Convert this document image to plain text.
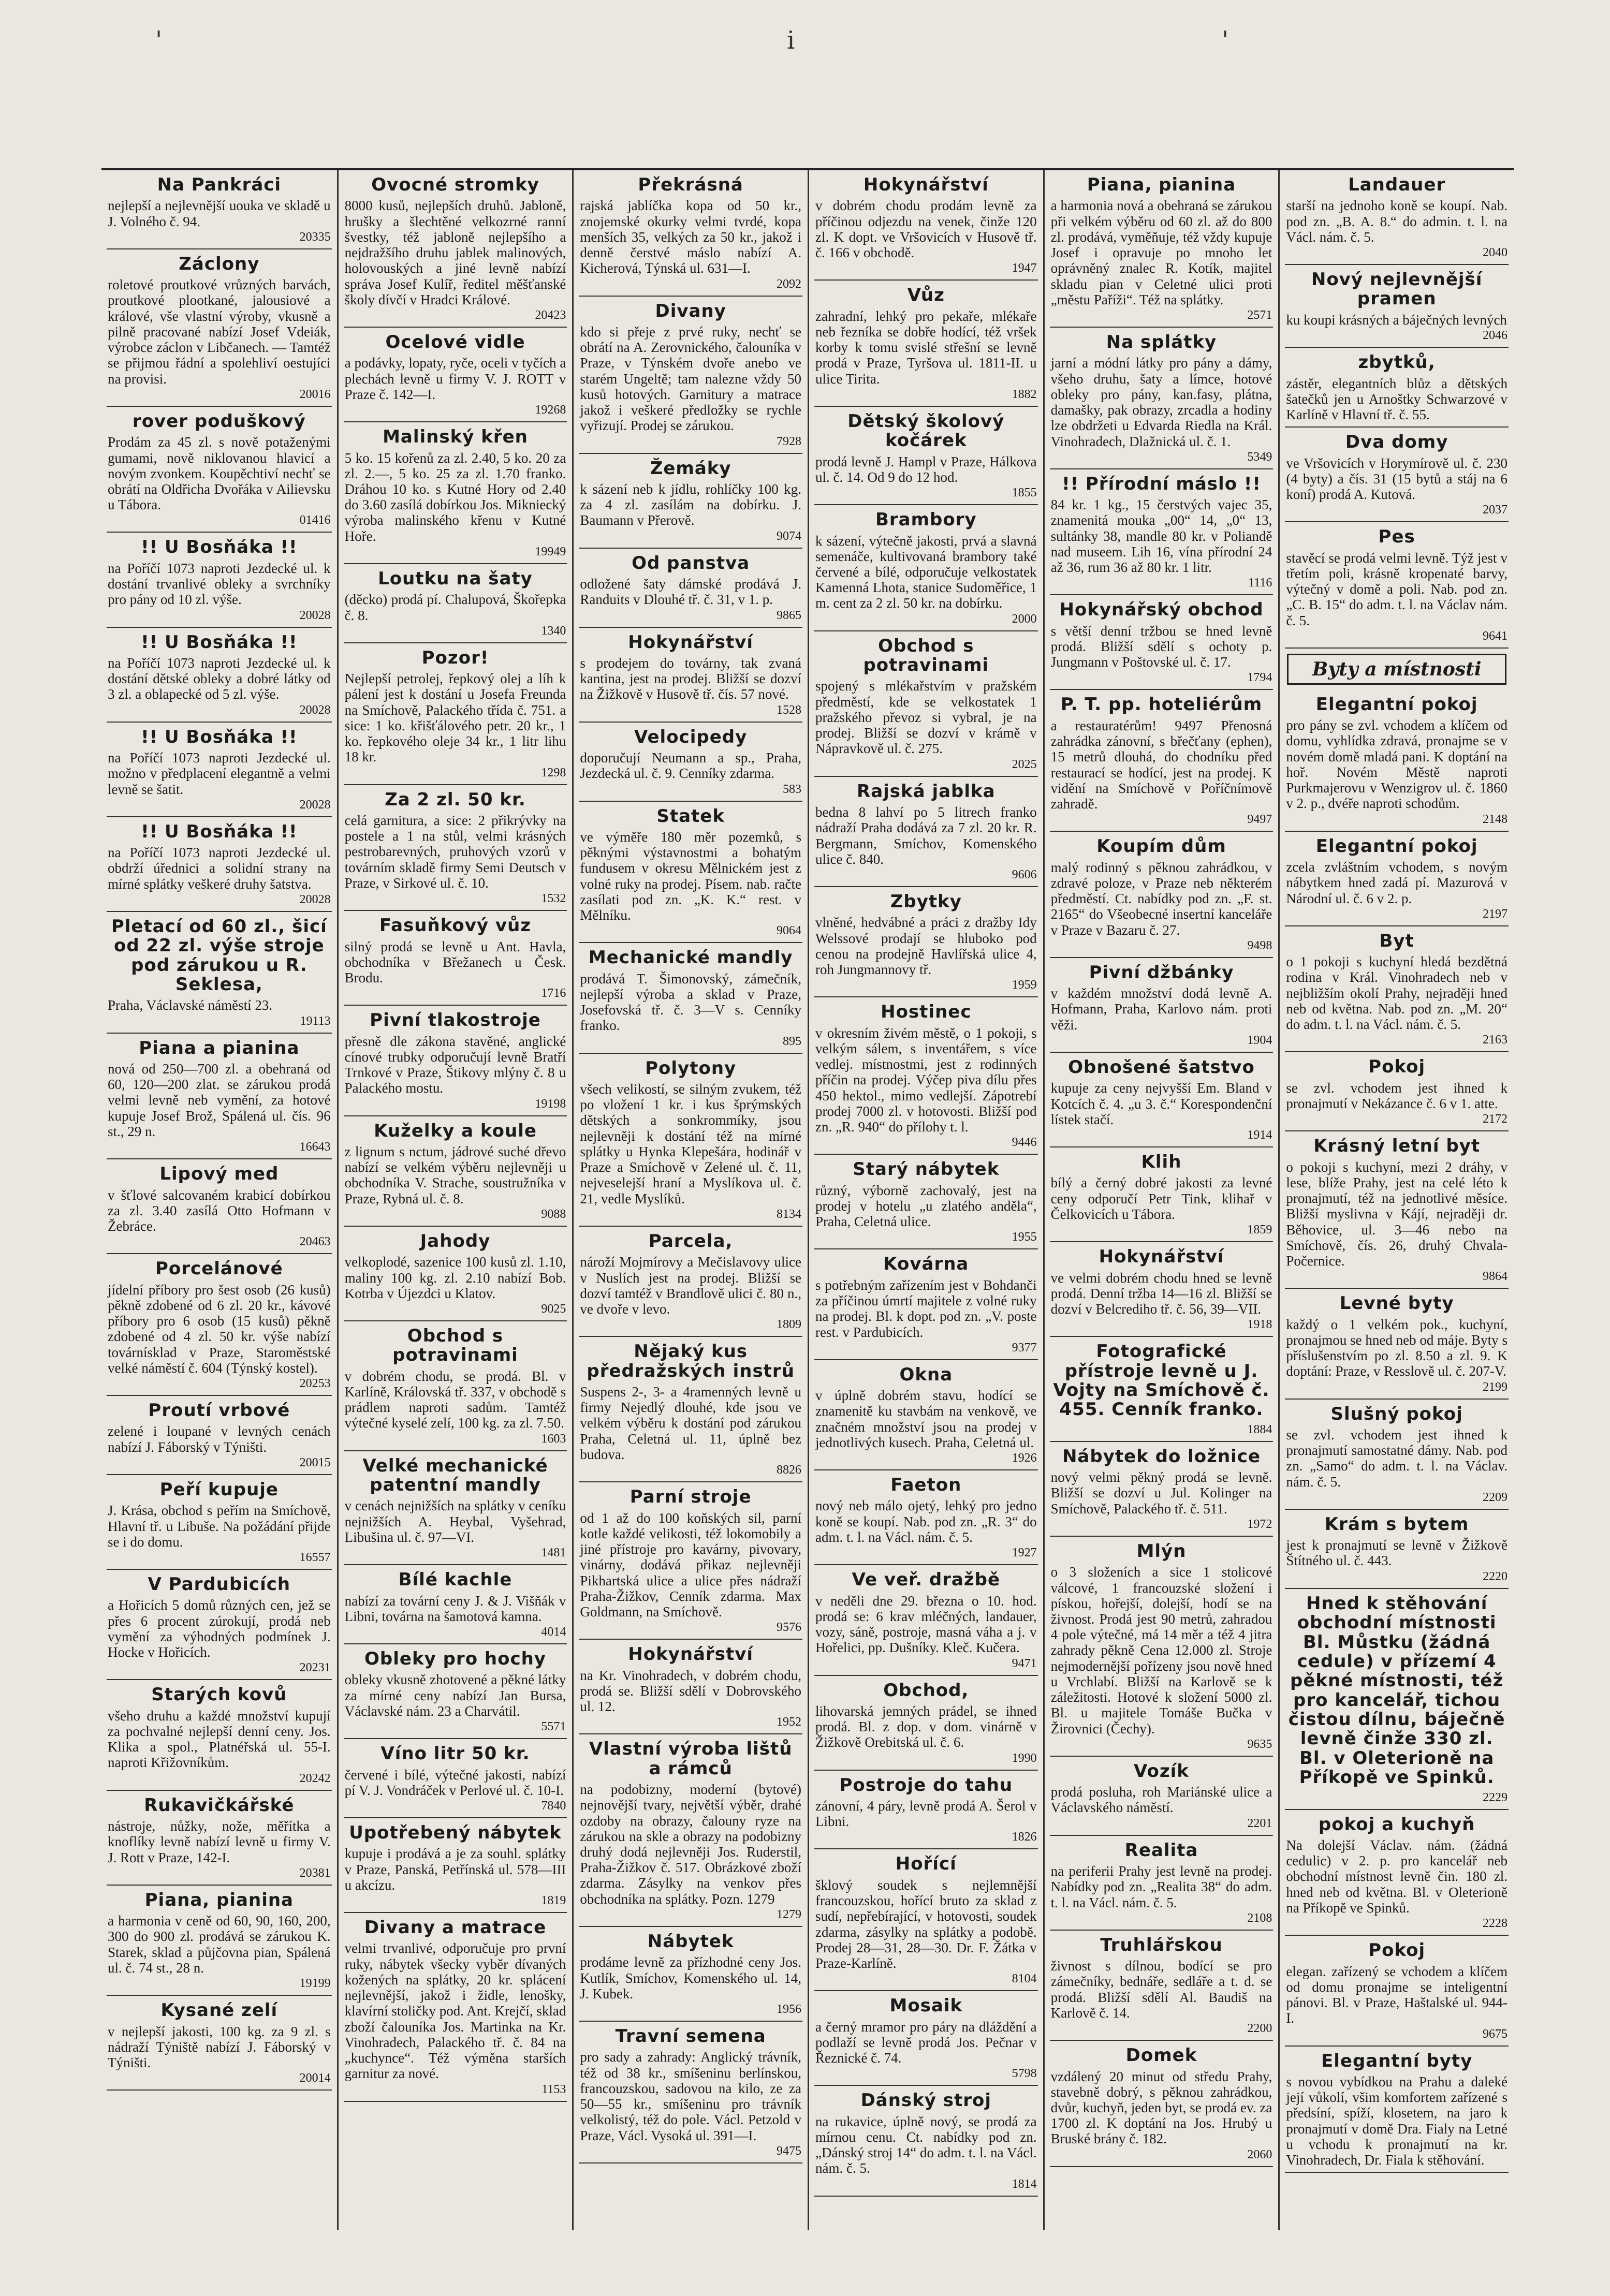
'	i	'
Na Pankráci

nejlepší a nejlevnější uouka ve skladě u J. Volného č. 94.

20335
Záclony

roletové proutkové vrůzných barvách, proutkové plootkané, jalousiové a králové, vše vlastní výroby, vkusně a pilně pracované nabízí Josef Vdeiák, výrobce záclon v Libčanech. — Tamtéž se přijmou řádní a spolehliví oestujíci na provisi.

20016
rover poduškový

Prodám za 45 zl. s nově potaženými gumami, nově niklovanou hlavicí a novým zvonkem. Koupěchtiví nechť se obrátí na Oldřicha Dvořáka v Ailievsku u Tábora.

01416
!! U Bosňáka !!

na Poříčí 1073 naproti Jezdecké ul. k dostání trvanlivé obleky a svrchníky pro pány od 10 zl. výše.

20028
!! U Bosňáka !!

na Poříčí 1073 naproti Jezdecké ul. k dostání dětské obleky a dobré látky od 3 zl. a oblapecké od 5 zl. výše.

20028
!! U Bosňáka !!

na Poříčí 1073 naproti Jezdecké ul. možno v předplacení elegantně a velmi levně se šatit.

20028
!! U Bosňáka !!

na Poříčí 1073 naproti Jezdecké ul. obdrží úřednici a solidní strany na mírné splátky veškeré druhy šatstva.

20028
Pletací od 60 zl., šicí od 22 zl. výše stroje pod zárukou u R. Seklesa,

Praha, Václavské náměstí 23.

19113
Piana a pianina

nová od 250—700 zl. a obehraná od 60, 120—200 zlat. se zárukou prodá velmi levně neb vymění, za hotové kupuje Josef Brož, Spálená ul. čís. 96 st., 29 n.

16643
Lipový med

v šťlové salcovaném krabicí dobírkou za zl. 3.40 zasílá Otto Hofmann v Žebráce.

20463
Porcelánové

jídelní příbory pro šest osob (26 kusů) pěkně zdobené od 6 zl. 20 kr., kávové příbory pro 6 osob (15 kusů) pěkně zdobené od 4 zl. 50 kr. výše nabízí továrnísklad v Praze, Staroměstské velké náměstí č. 604 (Týnský kostel).

20253
Proutí vrbové

zelené i loupané v levných cenách nabízí J. Fáborský v Týništi.

20015
Peří kupuje

J. Krása, obchod s peřím na Smíchově, Hlavní tř. u Libuše. Na požádání přijde se i do domu.

16557
V Pardubicích

a Hořicích 5 domů různých cen, jež se přes 6 procent zúrokují, prodá neb vymění za výhodných podmínek J. Hocke v Hořicích.

20231
Starých kovů

všeho druhu a každé množství kupují za pochvalné nejlepší denní ceny. Jos. Klika a spol., Platnéřská ul. 55-I. naproti Křižovníkům.

20242
Rukavičkářské

nástroje, nůžky, nože, měřítka a knoflíky levně nabízí levně u firmy V. J. Rott v Praze, 142-I.

20381
Piana, pianina

a harmonia v ceně od 60, 90, 160, 200, 300 do 900 zl. prodává se zárukou K. Starek, sklad a půjčovna pian, Spálená ul. č. 74 st., 28 n.

19199
Kysané zelí

v nejlepší jakosti, 100 kg. za 9 zl. s nádraží Týniště nabízí J. Fáborský v Týništi.

20014
Ovocné stromky

8000 kusů, nejlepších druhů. Jabloně, hrušky a šlechtěné velkozrné ranní švestky, též jabloně nejlepšího a nejdražšího druhu jablek malinových, holovouských a jiné levně nabízí správa Josef Kulíř, ředitel měšťanské školy dívčí v Hradci Králové.

20423
Ocelové vidle

a podávky, lopaty, ryče, oceli v tyčích a plechách levně u firmy V. J. ROTT v Praze č. 142—I.

19268
Malinský křen

5 ko. 15 kořenů za zl. 2.40, 5 ko. 20 za zl. 2.—, 5 ko. 25 za zl. 1.70 franko. Dráhou 10 ko. s Kutné Hory od 2.40 do 3.60 zasílá dobírkou Jos. Mikniecký výroba malinského křenu v Kutné Hoře.

19949
Loutku na šaty

(děcko) prodá pí. Chalupová, Škořepka č. 8.

1340
Pozor!

Nejlepší petrolej, řepkový olej a líh k pálení jest k dostání u Josefa Freunda na Smíchově, Palackého třída č. 751. a sice: 1 ko. křišťálového petr. 20 kr., 1 ko. řepkového oleje 34 kr., 1 litr lihu 18 kr.

1298
Za 2 zl. 50 kr.

celá garnitura, a sice: 2 přikrývky na postele a 1 na stůl, velmi krásných pestrobarevných, pruhových vzorů v továrním skladě firmy Semi Deutsch v Praze, v Sirkové ul. č. 10.

1532
Fasuňkový vůz

silný prodá se levně u Ant. Havla, obchodníka v Břežanech u Česk. Brodu.

1716
Pivní tlakostroje

přesně dle zákona stavěné, anglické cínové trubky odporučují levně Bratří Trnkové v Praze, Štikovy mlýny č. 8 u Palackého mostu.

19198
Kuželky a koule

z lignum s nctum, jádrové suché dřevo nabízí se velkém výběru nejlevněji u obchodníka V. Strache, soustružníka v Praze, Rybná ul. č. 8.

9088
Jahody

velkoplodé, sazenice 100 kusů zl. 1.10, maliny 100 kg. zl. 2.10 nabízí Bob. Kotrba v Újezdci u Klatov.

9025
Obchod s potravinami

v dobrém chodu, se prodá. Bl. v Karlíně, Královská tř. 337, v obchodě s prádlem naproti sadům. Tamtéž výtečné kyselé zelí, 100 kg. za zl. 7.50.

1603
Velké mechanické patentní mandly

v cenách nejnižších na splátky v ceníku nejnižších A. Heybal, Vyšehrad, Libušina ul. č. 97—VI.

1481
Bílé kachle

nabízí za tovární ceny J. & J. Višňák v Libni, továrna na šamotová kamna.

4014
Obleky pro hochy

obleky vkusně zhotovené a pěkné látky za mírné ceny nabízí Jan Bursa, Václavské nám. 23 a Charvátil.

5571
Víno litr 50 kr.

červené i bílé, výtečné jakosti, nabízí pí V. J. Vondráček v Perlové ul. č. 10-I.

7840
Upotřebený nábytek

kupuje i prodává a je za souhl. splátky v Praze, Panská, Petřínská ul. 578—III u akcízu.

1819
Divany a matrace

velmi trvanlivé, odporučuje pro první ruky, nábytek všecky vyběr dívaných kožených na splátky, 20 kr. splácení nejlevnější, jakož i židle, lenošky, klavírní stoličky pod. Ant. Krejčí, sklad zboží čalouníka Jos. Martinka na Kr. Vinohradech, Palackého tř. č. 84 na „kuchynce“. Též výměna starších garnitur za nové.

1153
Překrásná

rajská jablíčka kopa od 50 kr., znojemské okurky velmi tvrdé, kopa menších 35, velkých za 50 kr., jakož i denně čerstvé máslo nabízí A. Kicherová, Týnská ul. 631—I.

2092
Divany

kdo si přeje z prvé ruky, nechť se obrátí na A. Zerovnického, čalouníka v Praze, v Týnském dvoře anebo ve starém Ungeltě; tam nalezne vždy 50 kusů hotových. Garnitury a matrace jakož i veškeré předložky se rychle vyřizují. Prodej se zárukou.

7928
Žemáky

k sázení neb k jídlu, rohlíčky 100 kg. za 4 zl. zasílám na dobírku. J. Baumann v Přerově.

9074
Od panstva

odložené šaty dámské prodává J. Randuits v Dlouhé tř. č. 31, v 1. p.

9865
Hokynářství

s prodejem do továrny, tak zvaná kantina, jest na prodej. Bližší se dozví na Žižkově v Husově tř. čís. 57 nové.

1528
Velocipedy

doporučují Neumann a sp., Praha, Jezdecká ul. č. 9. Cenníky zdarma.

583
Statek

ve výměře 180 měr pozemků, s pěknými výstavnostmi a bohatým fundusem v okresu Mělnickém jest z volné ruky na prodej. Písem. nab. račte zasílati pod zn. „K. K.“ rest. v Mělníku.

9064
Mechanické mandly

prodává T. Šimonovský, zámečník, nejlepší výroba a sklad v Praze, Josefovská tř. č. 3—V s. Cenníky franko.

895
Polytony

všech velikostí, se silným zvukem, též po vložení 1 kr. i kus šprýmských dětských a sonkrommíky, jsou nejlevněji k dostání též na mírné splátky u Hynka Klepešára, hodinář v Praze a Smíchově v Zelené ul. č. 11, nejveselejší hraní a Myslíkova ul. č. 21, vedle Myslíků.

8134
Parcela,

nároží Mojmírovy a Mečislavovy ulice v Nuslích jest na prodej. Bližší se dozví tamtéž v Brandlově ulici č. 80 n., ve dvoře v levo.

1809
Nějaký kus předražských instrů

Suspens 2-, 3- a 4ramenných levně u firmy Nejedlý dlouhé, kde jsou ve velkém výběru k dostání pod zárukou Praha, Celetná ul. 11, úplně bez budova.

8826
Parní stroje

od 1 až do 100 koňských sil, parní kotle každé velikosti, též lokomobily a jiné přístroje pro kavárny, pivovary, vinárny, dodává přikaz nejlevněji Pikhartská ulice a ulice přes nádraží Praha-Žižkov, Cenník zdarma. Max Goldmann, na Smíchově.

9576
Hokynářství

na Kr. Vinohradech, v dobrém chodu, prodá se. Bližší sdělí v Dobrovského ul. 12.

1952
Vlastní výroba lištů a rámců

na podobizny, moderní (bytové) nejnovější tvary, největší výběr, drahé ozdoby na obrazy, čalouny ryze na zárukou na skle a obrazy na podobizny druhý dodá nejlevněji Jos. Ruderstil, Praha-Žižkov č. 517. Obrázkové zboží zdarma. Zásylky na venkov přes obchodníka na splátky. Pozn. 1279

1279
Nábytek

prodáme levně za přízhodné ceny Jos. Kutlík, Smíchov, Komenského ul. 14, J. Kubek.

1956
Travní semena

pro sady a zahrady: Anglický trávník, též od 38 kr., smíšeninu berlínskou, francouzskou, sadovou na kilo, ze za 50—55 kr., smíšeninu pro trávník velkolistý, též do pole. Václ. Petzold v Praze, Václ. Vysoká ul. 391—I.

9475
Hokynářství

v dobrém chodu prodám levně za příčinou odjezdu na venek, činže 120 zl. K dopt. ve Vršovicích v Husově tř. č. 166 v obchodě.

1947
Vůz

zahradní, lehký pro pekaře, mlékaře neb řezníka se dobře hodící, též vršek korby k tomu svislé střešní se levně prodá v Praze, Tyršova ul. 1811-II. u ulice Tirita.

1882
Dětský školový kočárek

prodá levně J. Hampl v Praze, Hálkova ul. č. 14. Od 9 do 12 hod.

1855
Brambory

k sázení, výtečně jakosti, prvá a slavná semenáče, kultivovaná brambory také červené a bílé, odporučuje velkostatek Kamenná Lhota, stanice Sudoměřice, 1 m. cent za 2 zl. 50 kr. na dobírku.

2000
Obchod s potravinami

spojený s mlékařstvím v pražském předměstí, kde se velkostatek 1 pražského převoz si vybral, je na prodej. Bližší se dozví v krámě v Nápravkově ul. č. 275.

2025
Rajská jablka

bedna 8 lahví po 5 litrech franko nádraží Praha dodává za 7 zl. 20 kr. R. Bergmann, Smíchov, Komenského ulice č. 840.

9606
Zbytky

vlněné, hedvábné a práci z dražby Idy Welssové prodají se hluboko pod cenou na prodejně Havlířská ulice 4, roh Jungmannovy tř.

1959
Hostinec

v okresním živém městě, o 1 pokoji, s velkým sálem, s inventářem, s více vedlej. místnostmi, jest z rodinných příčin na prodej. Výčep piva dílu přes 450 hektol., mimo vedlejší. Zápotrebí prodej 7000 zl. v hotovosti. Bližší pod zn. „R. 940“ do přílohy t. l.

9446
Starý nábytek

různý, výborně zachovalý, jest na prodej v hotelu „u zlatého anděla“, Praha, Celetná ulice.

1955
Kovárna

s potřebným zařízením jest v Bohdanči za příčinou úmrtí majitele z volné ruky na prodej. Bl. k dopt. pod zn. „V. poste rest. v Pardubicích.

9377
Okna

v úplně dobrém stavu, hodící se znamenitě ku stavbám na venkově, ve značném množství jsou na prodej v jednotlivých kusech. Praha, Celetná ul.

1926
Faeton

nový neb málo ojetý, lehký pro jedno koně se koupí. Nab. pod zn. „R. 3“ do adm. t. l. na Václ. nám. č. 5.

1927
Ve veř. dražbě

v neděli dne 29. března o 10. hod. prodá se: 6 krav mléčných, landauer, vozy, sáně, postroje, masná váha a j. v Hořelici, pp. Dušníky. Kleč. Kučera.

9471
Obchod,

lihovarská jemných prádel, se ihned prodá. Bl. z dop. v dom. vinárně v Žižkově Orebitská ul. č. 6.

1990
Postroje do tahu

zánovní, 4 páry, levně prodá A. Šerol v Libni.

1826
Hořící

šklový soudek s nejlemnější francouzskou, hořící bruto za sklad z sudí, nepřebírající, v hotovosti, soudek zdarma, zásylky na splátky a podobě. Prodej 28—31, 28—30. Dr. F. Žátka v Praze-Karlíně.

8104
Mosaik

a černý mramor pro páry na dláždění a podlaží se levně prodá Jos. Pečnar v Řeznické č. 74.

5798
Dánský stroj

na rukavice, úplně nový, se prodá za mírnou cenu. Ct. nabídky pod zn. „Dánský stroj 14“ do adm. t. l. na Václ. nám. č. 5.

1814
Piana, pianina

a harmonia nová a obehraná se zárukou při velkém výběru od 60 zl. až do 800 zl. prodává, vyměňuje, též vždy kupuje Josef i opravuje po mnoho let oprávněný znalec R. Kotík, majitel skladu pian v Celetné ulici proti „městu Paříži“. Též na splátky.

2571
Na splátky

jarní a módní látky pro pány a dámy, všeho druhu, šaty a límce, hotové obleky pro pány, kan.fasy, plátna, damašky, pak obrazy, zrcadla a hodiny lze obdržeti u Edvarda Riedla na Král. Vinohradech, Dlažnická ul. č. 1.

5349
!! Přírodní máslo !!

84 kr. 1 kg., 15 čerstvých vajec 35, znamenitá mouka „00“ 14, „0“ 13, sultánky 38, mandle 80 kr. v Poliandě nad museem. Lih 16, vína přírodní 24 až 36, rum 36 až 80 kr. 1 litr.

1116
Hokynářský obchod

s větší denní tržbou se hned levně prodá. Bližší sdělí s ochoty p. Jungmann v Poštovské ul. č. 17.

1794
P. T. pp. hoteliérům

a restauratérům! 9497 Přenosná zahrádka zánovní, s břečťany (ephen), 15 metrů dlouhá, do chodníku před restaurací se hodící, jest na prodej. K vidění na Smíchově v Poříčnímově zahradě.

9497
Koupím dům

malý rodinný s pěknou zahrádkou, v zdravé poloze, v Praze neb některém předměstí. Ct. nabídky pod zn. „F. st. 2165“ do Všeobecné insertní kanceláře v Praze v Bazaru č. 27.

9498
Pivní džbánky

v každém množství dodá levně A. Hofmann, Praha, Karlovo nám. proti věži.

1904
Obnošené šatstvo

kupuje za ceny nejvyšší Em. Bland v Kotcích č. 4. „u 3. č.“ Korespondenční lístek stačí.

1914
Klih

bílý a černý dobré jakosti za levné ceny odporučí Petr Tink, klihař v Čelkovicích u Tábora.

1859
Hokynářství

ve velmi dobrém chodu hned se levně prodá. Denní tržba 14—16 zl. Bližší se dozví v Belcrediho tř. č. 56, 39—VII.

1918
Fotografické přístroje levně u J. Vojty na Smíchově č. 455. Cenník franko.
1884
Nábytek do ložnice

nový velmi pěkný prodá se levně. Bližší se dozví u Jul. Kolinger na Smíchově, Palackého tř. č. 511.

1972
Mlýn

o 3 složeních a sice 1 stolicové válcové, 1 francouzské složení i pískou, hořejší, dolejší, hodí se na živnost. Prodá jest 90 metrů, zahradou 4 pole výtečné, má 14 měr a též 4 jitra zahrady pěkně Cena 12.000 zl. Stroje nejmodernější pořízeny jsou nově hned u Vrchlabí. Bližší na Karlově se k záležitosti. Hotové k složení 5000 zl. Bl. u majitele Tomáše Bučka v Žirovnici (Čechy).

9635
Vozík

prodá posluha, roh Mariánské ulice a Václavského náměstí.

2201
Realita

na periferii Prahy jest levně na prodej. Nabídky pod zn. „Realita 38“ do adm. t. l. na Václ. nám. č. 5.

2108
Truhlářskou

živnost s dílnou, bodící se pro zámečníky, bednáře, sedláře a t. d. se prodá. Bližší sdělí Al. Baudiš na Karlově č. 14.

2200
Domek

vzdálený 20 minut od středu Prahy, stavebně dobrý, s pěknou zahrádkou, dvůr, kuchyň, jeden byt, se prodá ev. za 1700 zl. K doptání na Jos. Hrubý u Bruské brány č. 182.

2060
Landauer

starší na jednoho koně se koupí. Nab. pod zn. „B. A. 8.“ do admin. t. l. na Václ. nám. č. 5.

2040
Nový nejlevnější pramen

ku koupi krásných a báječných levných

2046
zbytků,

zástěr, elegantních blůz a dětských šatečků jen u Arnoštky Schwarzové v Karlíně v Hlavní tř. č. 55.

Dva domy

ve Vršovicích v Horymírově ul. č. 230 (4 byty) a čís. 31 (15 bytů a stáj na 6 koní) prodá A. Kutová.

2037
Pes

stavěcí se prodá velmi levně. Týž jest v třetím poli, krásně kropenaté barvy, výtečný v domě a poli. Nab. pod zn. „C. B. 15“ do adm. t. l. na Václav nám. č. 5.

9641
Byty a místnosti
Elegantní pokoj

pro pány se zvl. vchodem a klíčem od domu, vyhlídka zdravá, pronajme se v novém domě mladá pani. K doptání na hoř. Novém Městě naproti Purkmajerovu v Wenzigrov ul. č. 1860 v 2. p., dvéře naproti schodům.

2148
Elegantní pokoj

zcela zvláštním vchodem, s novým nábytkem hned zadá pí. Mazurová v Národní ul. č. 6 v 2. p.

2197
Byt

o 1 pokoji s kuchyní hledá bezdětná rodina v Král. Vinohradech neb v nejbližším okolí Prahy, nejraději hned neb od května. Nab. pod zn. „M. 20“ do adm. t. l. na Václ. nám. č. 5.

2163
Pokoj

se zvl. vchodem jest ihned k pronajmutí v Nekázance č. 6 v 1. atte.

2172
Krásný letní byt

o pokoji s kuchyní, mezi 2 dráhy, v lese, blíže Prahy, jest na celé léto k pronajmutí, též na jednotlivé měsíce. Bližší myslivna v Kájí, nejraději dr. Běhovice, ul. 3—46 nebo na Smíchově, čís. 26, druhý Chvala-Počernice.

9864
Levné byty

každý o 1 velkém pok., kuchyní, pronajmou se hned neb od máje. Byty s příslušenstvím po zl. 8.50 a zl. 9. K doptání: Praze, v Resslově ul. č. 207-V.

2199
Slušný pokoj

se zvl. vchodem jest ihned k pronajmutí samostatné dámy. Nab. pod zn. „Samo“ do adm. t. l. na Václav. nám. č. 5.

2209
Krám s bytem

jest k pronajmutí se levně v Žižkově Štítného ul. č. 443.

2220
Hned k stěhování obchodní místnosti Bl. Můstku (žádná cedule) v přízemí 4 pěkné místnosti, též pro kancelář, tichou čistou dílnu, báječně levně činže 330 zl. Bl. v Oleterioně na Příkopě ve Spinků.
2229
pokoj a kuchyň

Na dolejší Václav. nám. (žádná cedulic) v 2. p. pro kancelář neb obchodní místnost levně čin. 180 zl. hned neb od května. Bl. v Oleterioně na Příkopě ve Spinků.

2228
Pokoj

elegan. zařízený se vchodem a klíčem od domu pronajme se inteligentní pánovi. Bl. v Praze, Haštalské ul. 944-I.

9675
Elegantní byty

s novou vybídkou na Prahu a daleké její vůkolí, všim komfortem zařízené s předsíní, spíží, klosetem, na jaro k pronajmutí v domě Dra. Fialy na Letné u vchodu k pronajmutí na kr. Vinohradech, Dr. Fiala k stěhování.
